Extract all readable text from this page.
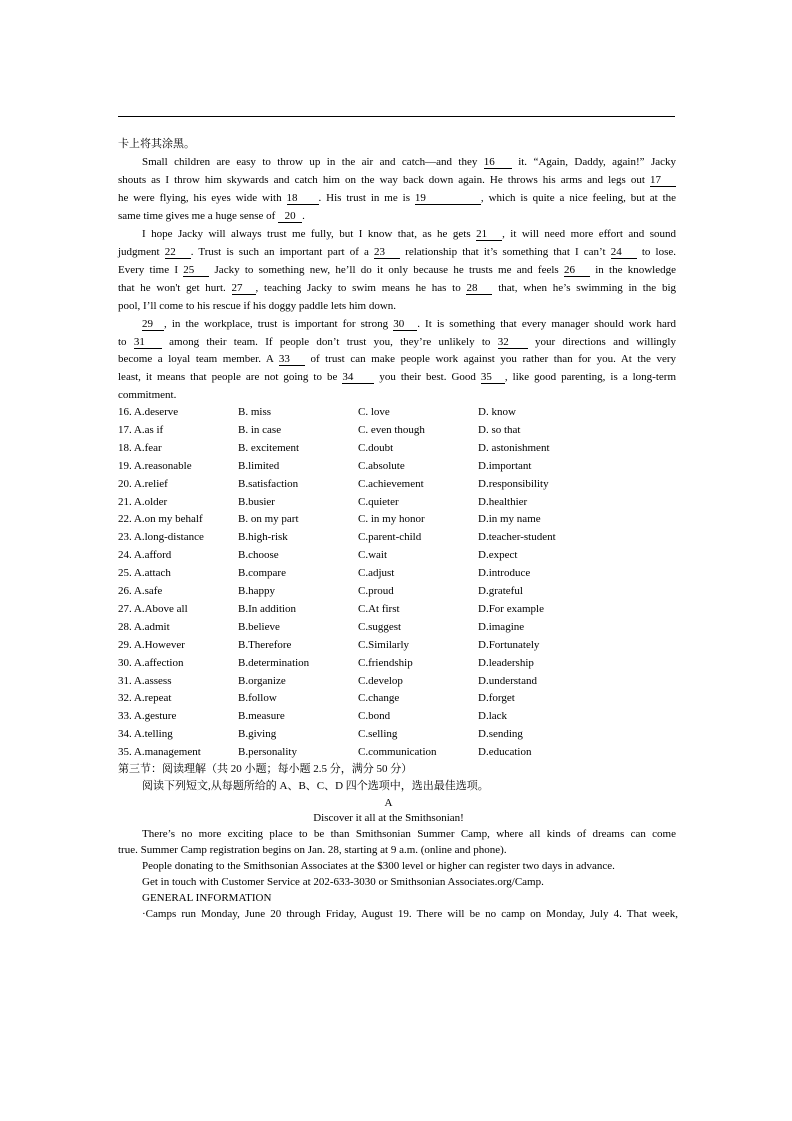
卡上将其涂黑。
Small children are easy to throw up in the air and catch—and they 16 it. “Again, Daddy, again!” Jacky
shouts as I throw him skywards and catch him on the way back down again. He throws his arms and legs out 17
he were flying, his eyes wide with 18 . His trust in me is 19	, which is quite a nice feeling, but at the
same time gives me a huge sense of 20 .
I hope Jacky will always trust me fully, but I know that, as he gets 21 , it will need more effort and sound
judgment 22 . Trust is such an important part of a 23 relationship that it’s something that I can’t 24 to lose.
Every time I 25 Jacky to something new, he’ll do it only because he trusts me and feels 26 in the knowledge
that he won't get hurt. 27 , teaching Jacky to swim means he has to 28 that, when he’s swimming in the big
pool, I’ll come to his rescue if his doggy paddle lets him down.
29 , in the workplace, trust is important for strong 30 . It is something that every manager should work hard
to 31 among their team. If people don’t trust you, they’re unlikely to 32 your directions and willingly
become a loyal team member. A 33 of trust can make people work against you rather than for you. At the very
least, it means that people are not going to be 34 you their best. Good 35 , like good parenting, is a long-term
commitment.
16. A.deserve	B. miss	C. love	D. know
17. A.as if	B. in case	C. even though	D. so that
18. A.fear	B. excitement	C.doubt	D. astonishment
19. A.reasonable	B.limited	C.absolute	D.important
20. A.relief	B.satisfaction	C.achievement	D.responsibility
21. A.older	B.busier	C.quieter	D.healthier
22. A.on my behalf	B. on my part	C. in my honor	D.in my name
23. A.long-distance	B.high-risk	C.parent-child	D.teacher-student
24. A.afford	B.choose	C.wait	D.expect
25. A.attach	B.compare	C.adjust	D.introduce
26. A.safe	B.happy	C.proud	D.grateful
27. A.Above all	B.In addition	C.At first	D.For example
28. A.admit	B.believe	C.suggest	D.imagine
29. A.However	B.Therefore	C.Similarly	D.Fortunately
30. A.affection	B.determination	C.friendship	D.leadership
31. A.assess	B.organize	C.develop	D.understand
32. A.repeat	B.follow	C.change	D.forget
33. A.gesture	B.measure	C.bond	D.lack
34. A.telling	B.giving	C.selling	D.sending
35. A.management	B.personality	C.communication	D.education
第三节：阅读理解（共 20 小题；每小题 2.5 分，满分 50 分）
阅读下列短文,从每题所给的 A、B、C、D 四个选项中，选出最佳选项。
A
Discover it all at the Smithsonian!
There’s no more exciting place to be than Smithsonian Summer Camp, where all kinds of dreams can come
true. Summer Camp registration begins on Jan. 28, starting at 9 a.m. (online and phone).
People donating to the Smithsonian Associates at the $300 level or higher can register two days in advance.
Get in touch with Customer Service at 202-633-3030 or Smithsonian Associates.org/Camp.
GENERAL INFORMATION
·Camps run Monday, June 20 through Friday, August 19. There will be no camp on Monday, July 4. That week,
